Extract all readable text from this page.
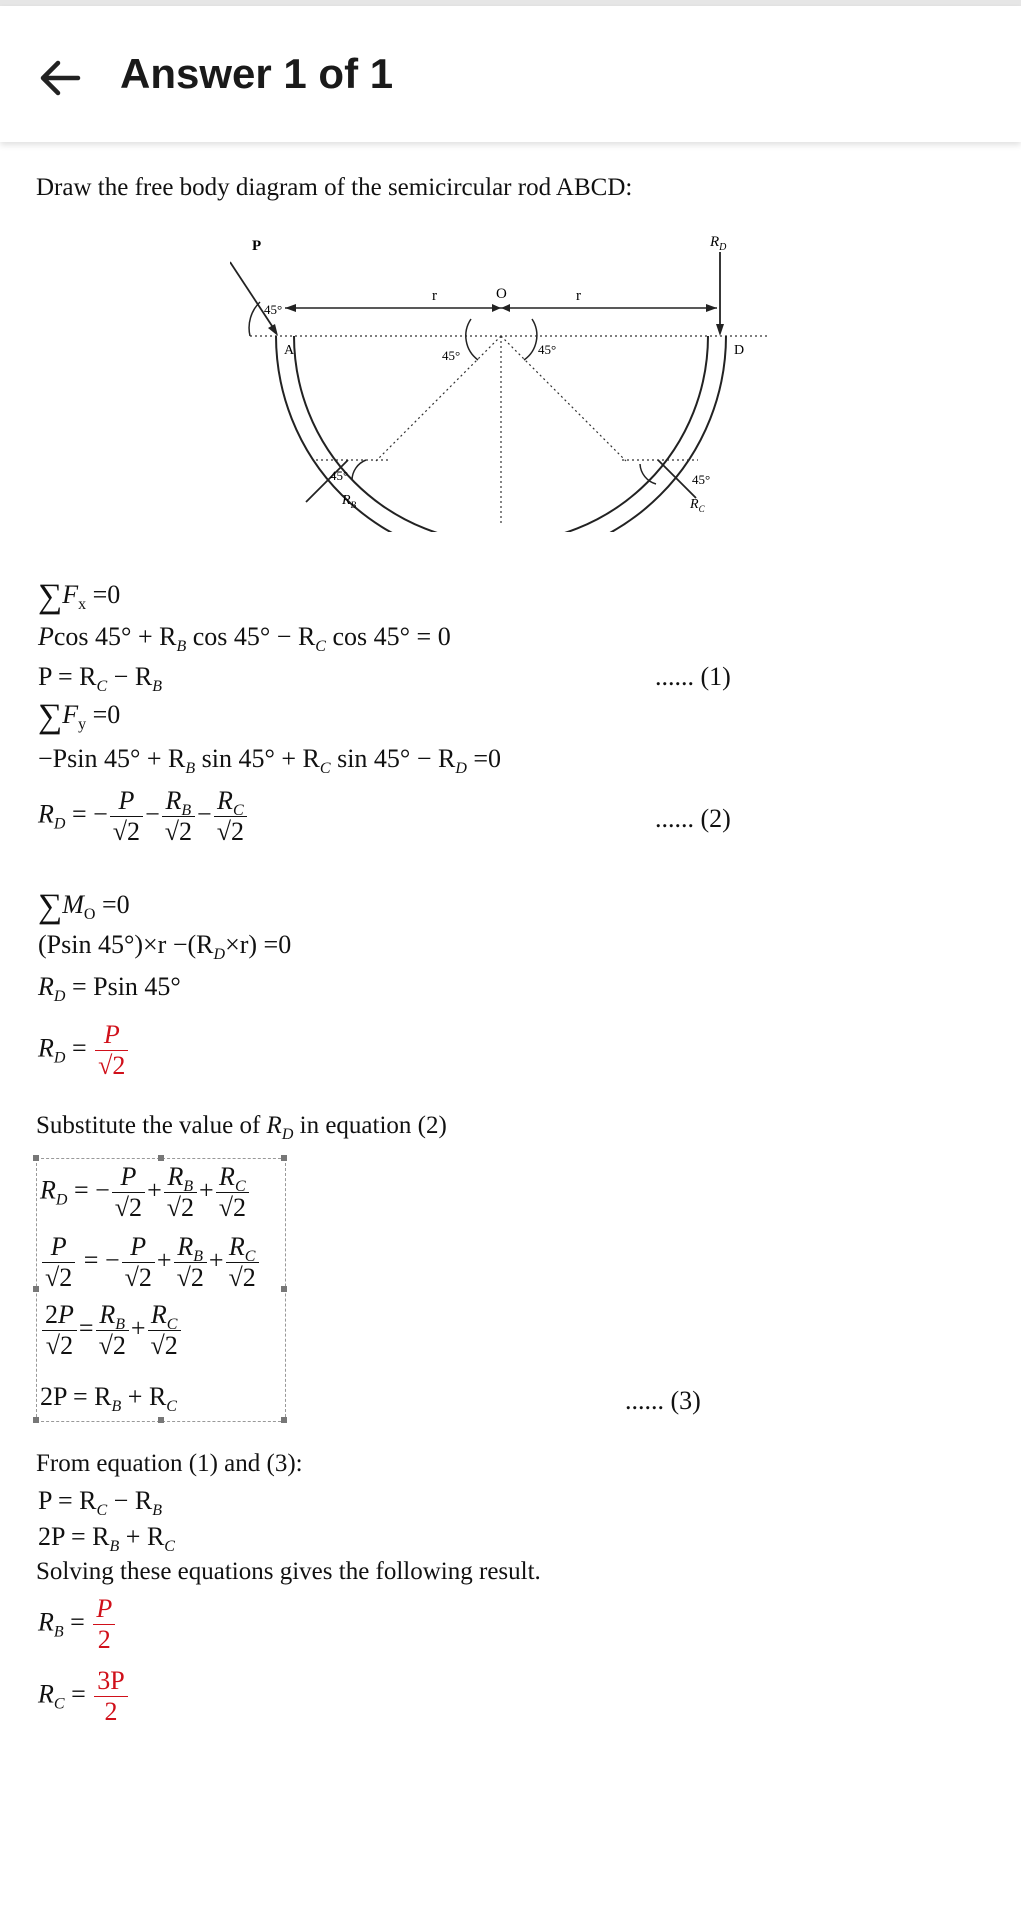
Answer 1 of 1
Draw the free body diagram of the semicircular rod ABCD:
P	$R_D$
r	O	r
45°
A	D
45°	45°
45°
$R_B$
45°
$R_C$
$\sum F_x =0$
Pcos $45^\circ + R_B$ $\cos 45^\circ - R_C$ cos 45° = 0
$P = R_C - R_B$	...... (1)
$\sum F_y =0$
−Psin $45^\circ + R_B$ $\sin 45^\circ + R_C$ $\sin 45^\circ - R_D =0$
$R_D$ = − $\frac{P}{√2} - \frac{R_B}{√2} - \frac{R_C}{√2}$	...... (2)
$\sum M_O =0$
(Psin $45^\circ)\times r -(R_D\times r) =0$
$R_D = Psin$ 45°
$R_D = \frac{P}{√2}$
Substitute the value of $R_D$ in equation (2)
$R_D$ = − $\frac{P}{√2} + \frac{R_B}{√2} + \frac{R_C}{√2}$
$\frac{P}{√2}$ = − $\frac{P}{√2} + \frac{R_B}{√2} + \frac{R_C}{√2}$
$\frac{2P}{√2} = \frac{R_B}{√2} + \frac{R_C}{√2}$
$2P = R_B + R_C$	...... (3)
From equation (1) and (3):
$P = R_C - R_B$
$2P = R_B + R_C$
Solving these equations gives the following result.
$R_B = \frac{P}{2}$
$R_C = \frac{3P}{2}$
